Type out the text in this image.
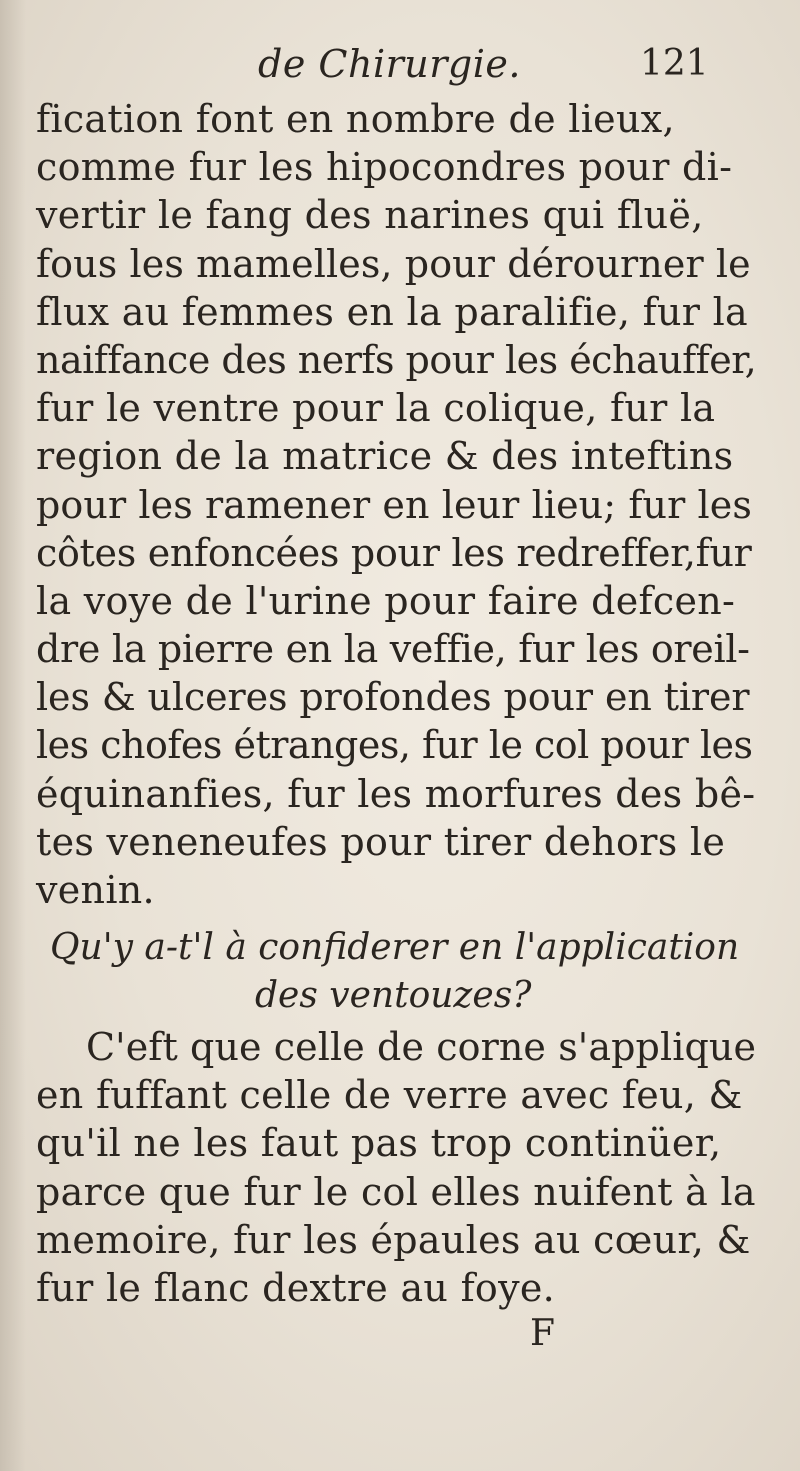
de Chirurgie.	121
fication font en nombre de lieux,
comme fur les hipocondres pour di-
vertir le fang des narines qui fluë,
fous les mamelles, pour dérourner le
flux au femmes en la paralifie, fur la
naiffance des nerfs pour les échauffer,
fur le ventre pour la colique, fur la
region de la matrice & des inteftins
pour les ramener en leur lieu; fur les
côtes enfoncées pour les redreffer,fur
la voye de l'urine pour faire defcen-
dre la pierre en la veffie, fur les oreil-
les & ulceres profondes pour en tirer
les chofes étranges, fur le col pour les
équinanfies, fur les morfures des bê-
tes veneneufes pour tirer dehors le
venin.
Qu'y a-t'l à confiderer en l'application
des ventouzes?
C'eft que celle de corne s'applique
en fuffant celle de verre avec feu, &
qu'il ne les faut pas trop continüer,
parce que fur le col elles nuifent à la
memoire, fur les épaules au cœur, &
fur le flanc dextre au foye.
F
